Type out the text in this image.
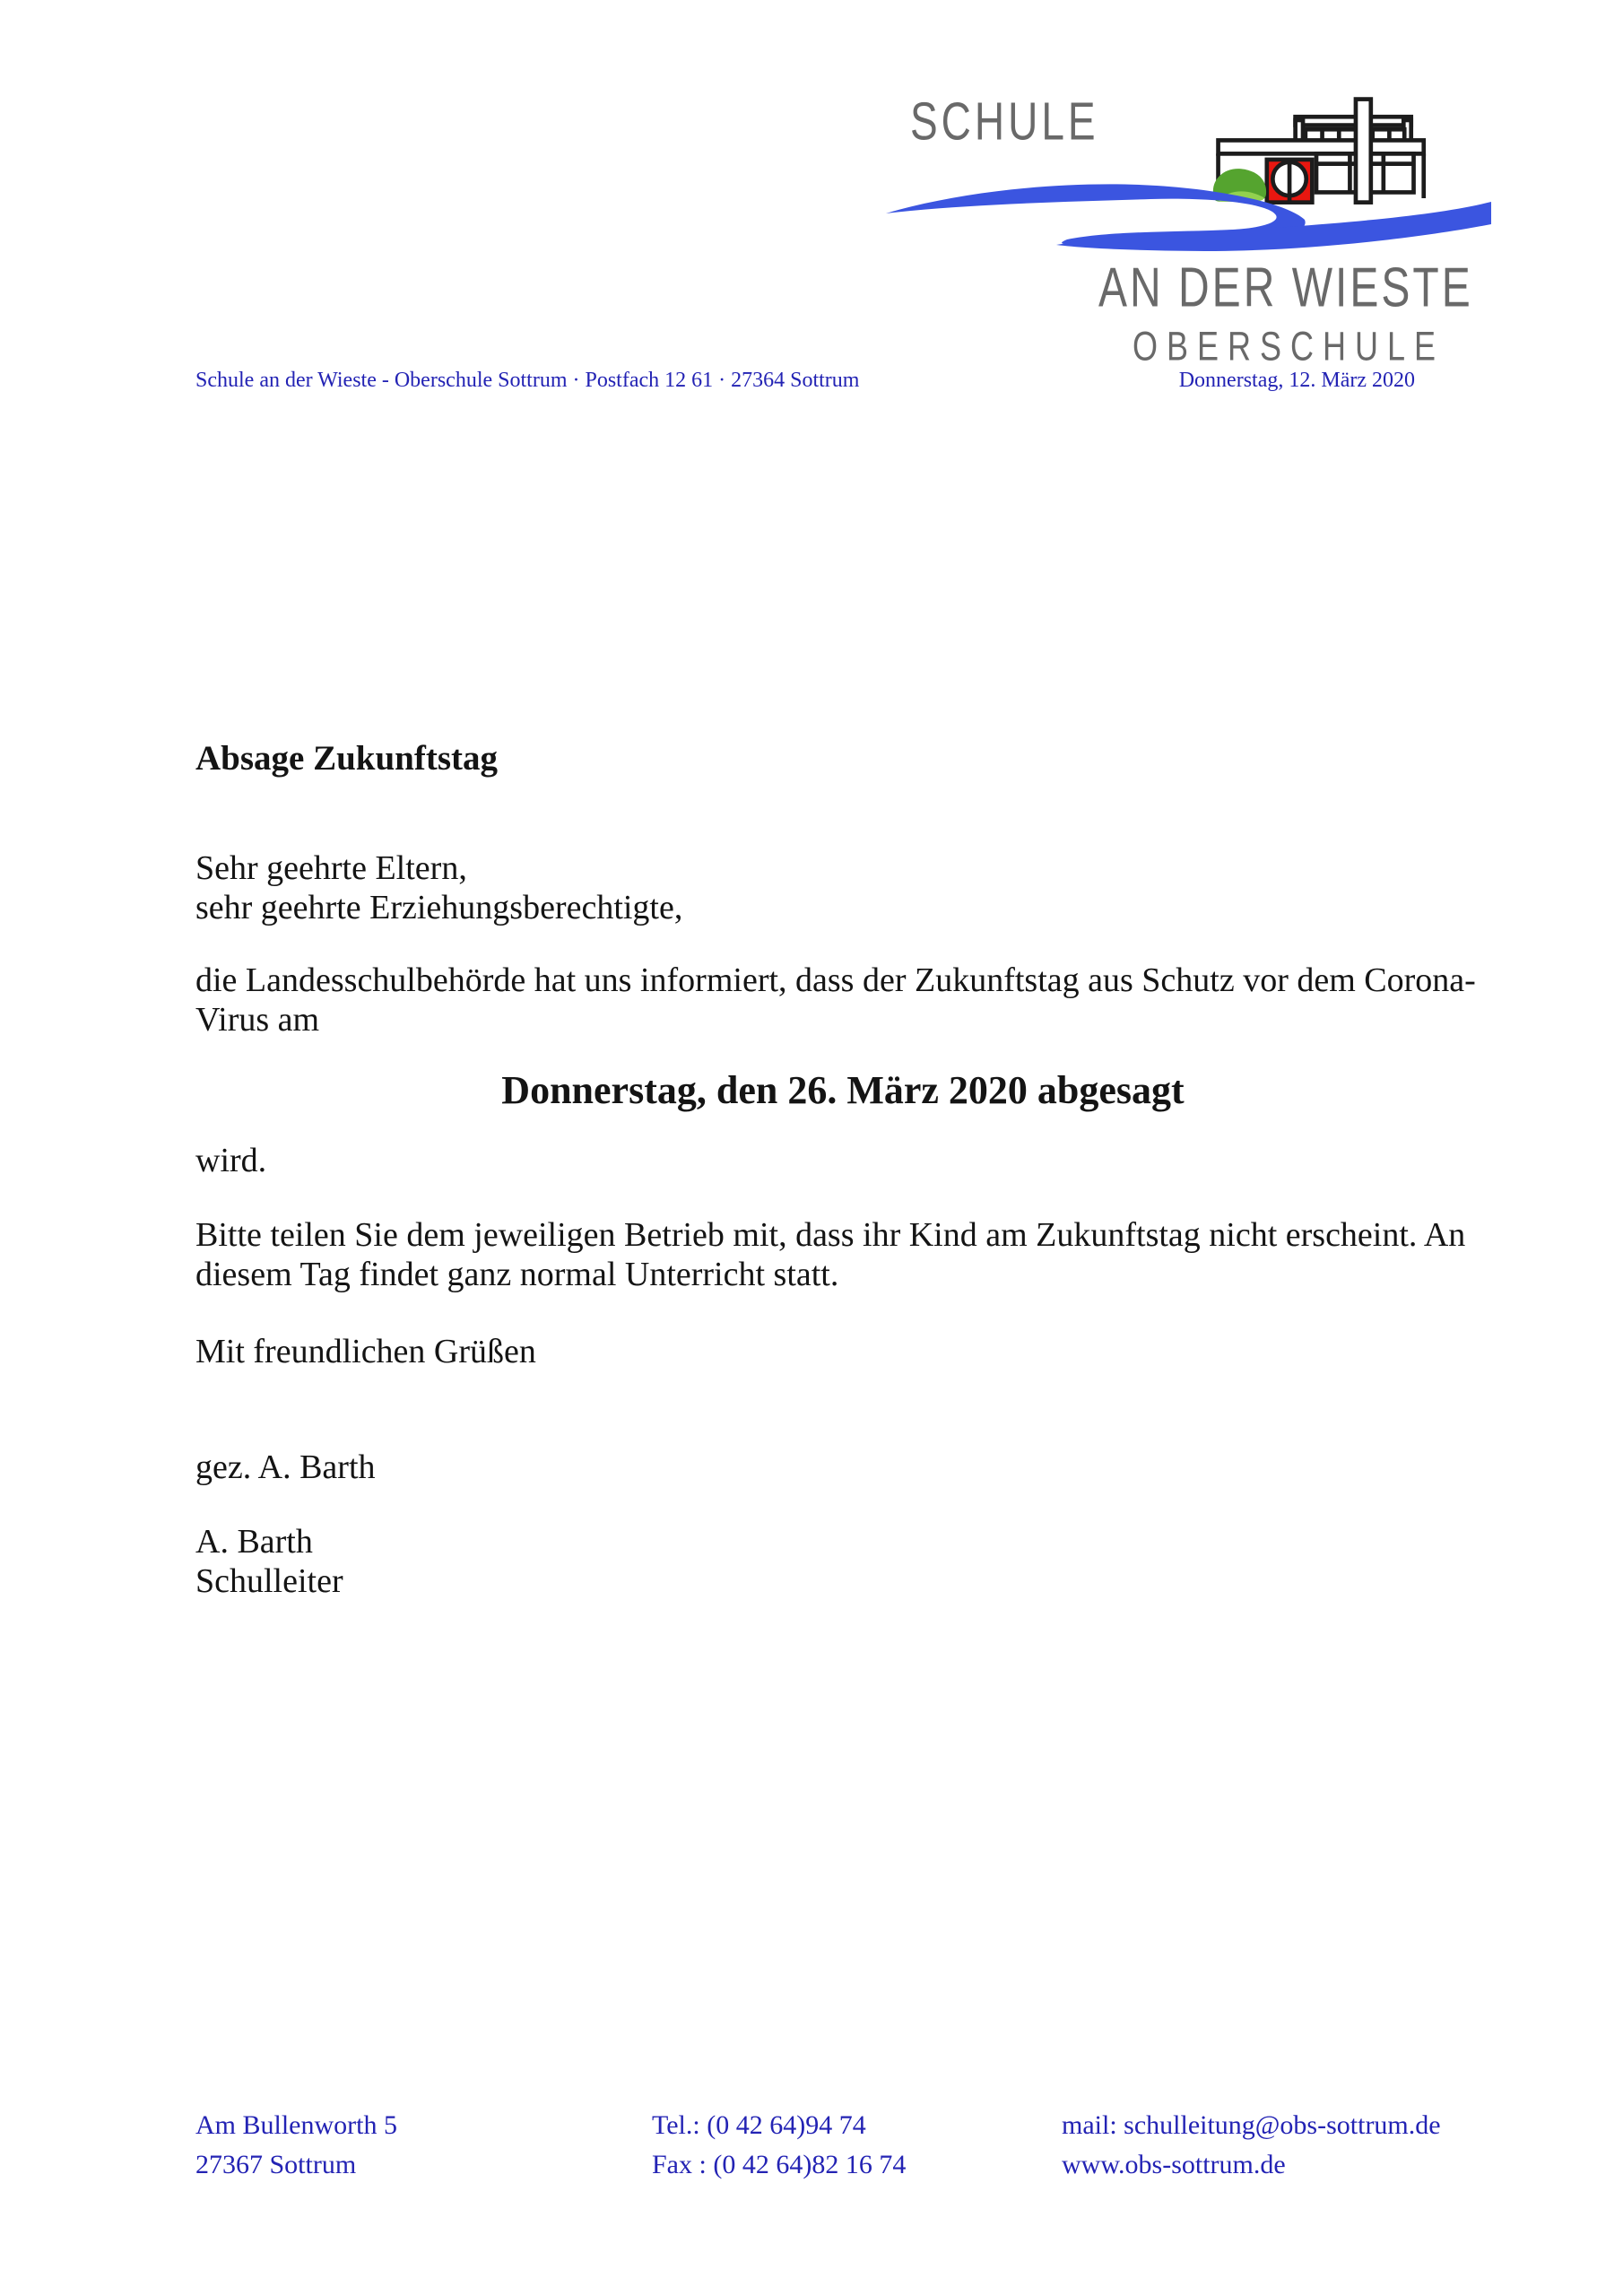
SCHULE
AN DER WIESTE
OBERSCHULE
Schule an der Wieste - Oberschule Sottrum · Postfach 12 61 · 27364 Sottrum	Donnerstag, 12. März 2020
Absage Zukunftstag
Sehr geehrte Eltern,
sehr geehrte Erziehungsberechtigte,
die Landesschulbehörde hat uns informiert, dass der Zukunftstag aus Schutz vor dem Corona-
Virus am
Donnerstag, den 26. März 2020 abgesagt
wird.
Bitte teilen Sie dem jeweiligen Betrieb mit, dass ihr Kind am Zukunftstag nicht erscheint. An
diesem Tag findet ganz normal Unterricht statt.
Mit freundlichen Grüßen
gez. A. Barth
A. Barth
Schulleiter
Am Bullenworth 5
27367 Sottrum
Tel.: (0 42 64)94 74
Fax : (0 42 64)82 16 74
mail: schulleitung@obs-sottrum.de
www.obs-sottrum.de
